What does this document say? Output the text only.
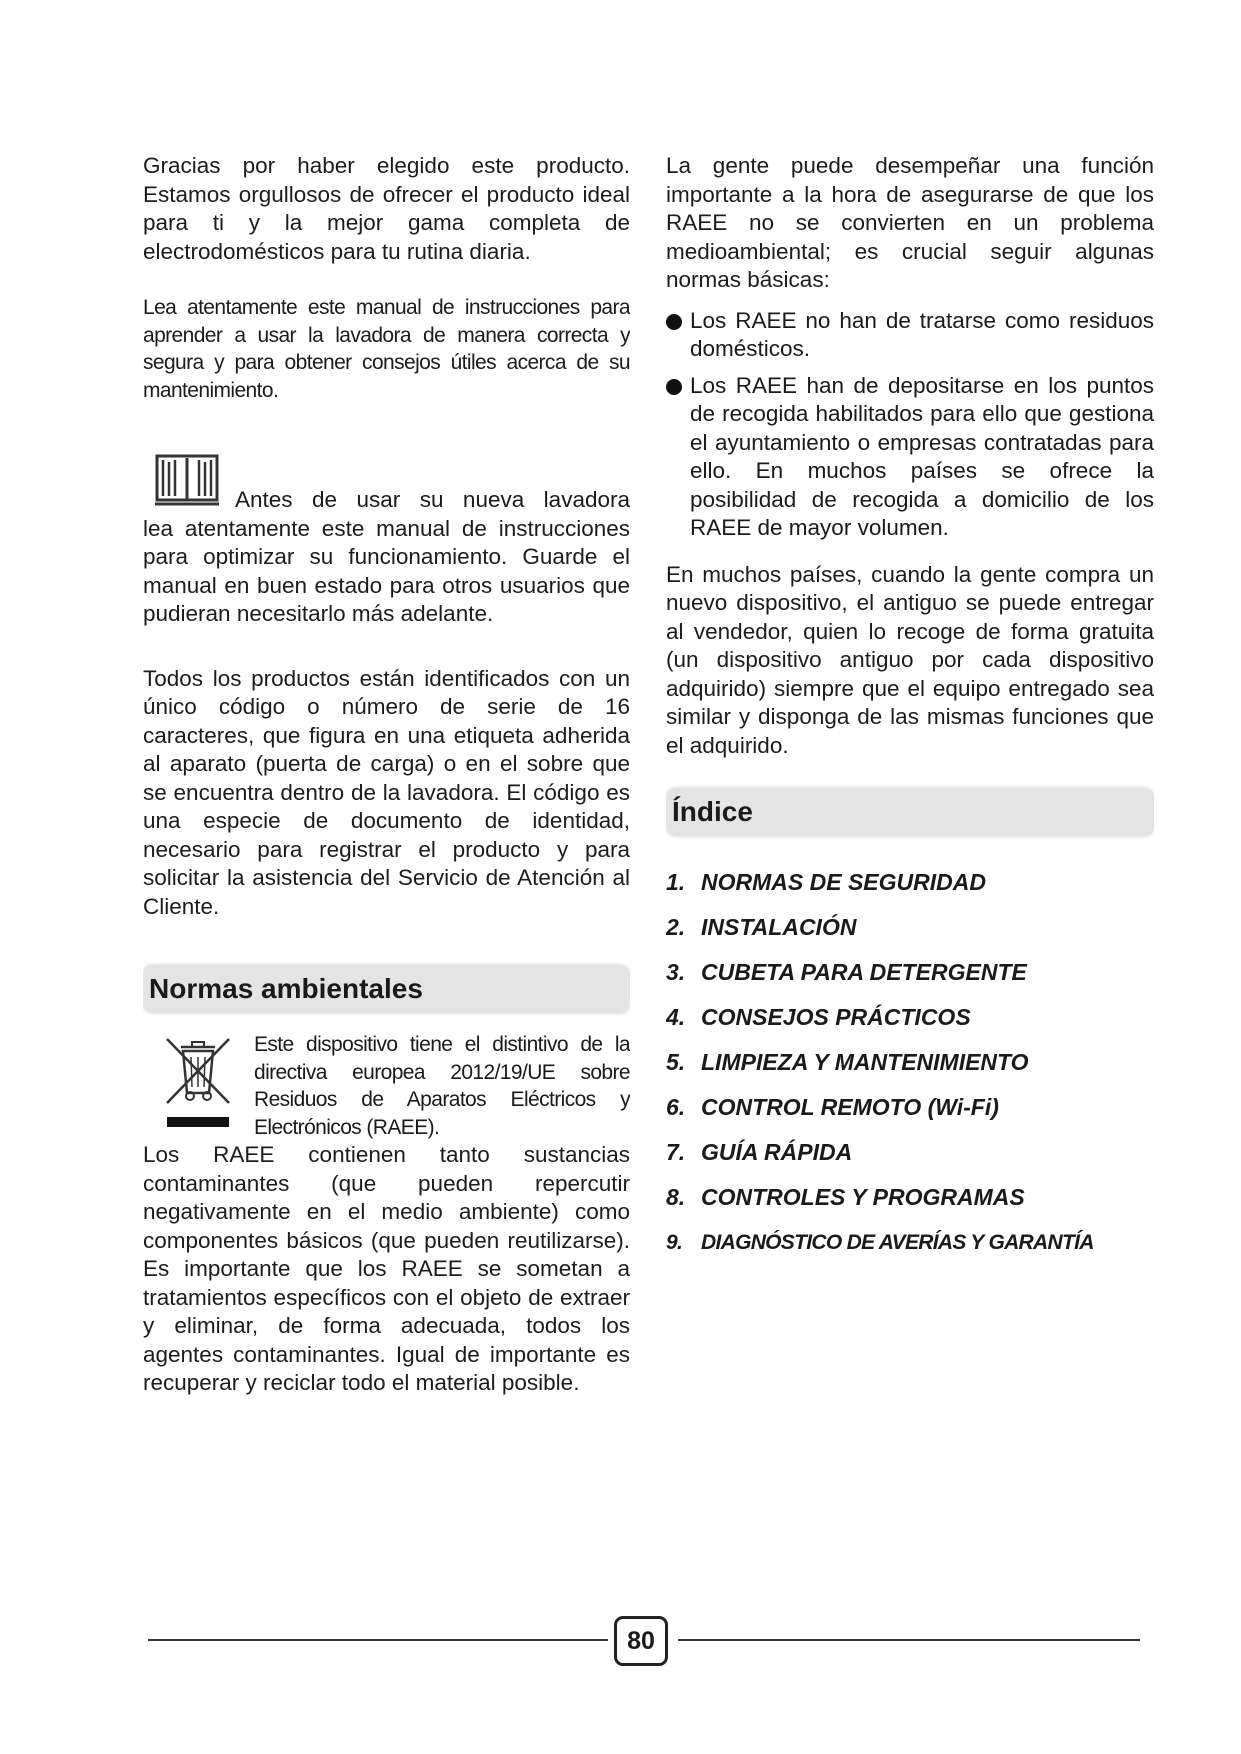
Gracias por haber elegido este producto. Estamos orgullosos de ofrecer el producto ideal para ti y la mejor gama completa de electrodomésticos para tu rutina diaria.

Lea atentamente este manual de instrucciones para aprender a usar la lavadora de manera correcta y segura y para obtener consejos útiles acerca de su mantenimiento.

Antes de usar su nueva lavadora

lea atentamente este manual de instrucciones para optimizar su funcionamiento. Guarde el manual en buen estado para otros usuarios que pudieran necesitarlo más adelante.

Todos los productos están identificados con un único código o número de serie de 16 caracteres, que figura en una etiqueta adherida al aparato (puerta de carga) o en el sobre que se encuentra dentro de la lavadora. El código es una especie de documento de identidad, necesario para registrar el producto y para solicitar la asistencia del Servicio de Atención al Cliente.

Normas ambientales

Este dispositivo tiene el distintivo de la directiva europea 2012/19/UE sobre Residuos de Aparatos Eléctricos y Electrónicos (RAEE).

Los RAEE contienen tanto sustancias contaminantes (que pueden repercutir negativamente en el medio ambiente) como componentes básicos (que pueden reutilizarse). Es importante que los RAEE se sometan a tratamientos específicos con el objeto de extraer y eliminar, de forma adecuada, todos los agentes contaminantes. Igual de importante es recuperar y reciclar todo el material posible.

La gente puede desempeñar una función importante a la hora de asegurarse de que los RAEE no se convierten en un problema medioambiental; es crucial seguir algunas normas básicas:

Los RAEE no han de tratarse como residuos domésticos.

Los RAEE han de depositarse en los puntos de recogida habilitados para ello que gestiona el ayuntamiento o empresas contratadas para ello. En muchos países se ofrece la posibilidad de recogida a domicilio de los RAEE de mayor volumen.

En muchos países, cuando la gente compra un nuevo dispositivo, el antiguo se puede entregar al vendedor, quien lo recoge de forma gratuita (un dispositivo antiguo por cada dispositivo adquirido) siempre que el equipo entregado sea similar y disponga de las mismas funciones que el adquirido.

Índice
1. NORMAS DE SEGURIDAD
2. INSTALACIÓN
3. CUBETA PARA DETERGENTE
4. CONSEJOS PRÁCTICOS
5. LIMPIEZA Y MANTENIMIENTO
6. CONTROL REMOTO (Wi-Fi)
7. GUÍA RÁPIDA
8. CONTROLES Y PROGRAMAS
9. DIAGNÓSTICO DE AVERÍAS Y GARANTÍA
80
